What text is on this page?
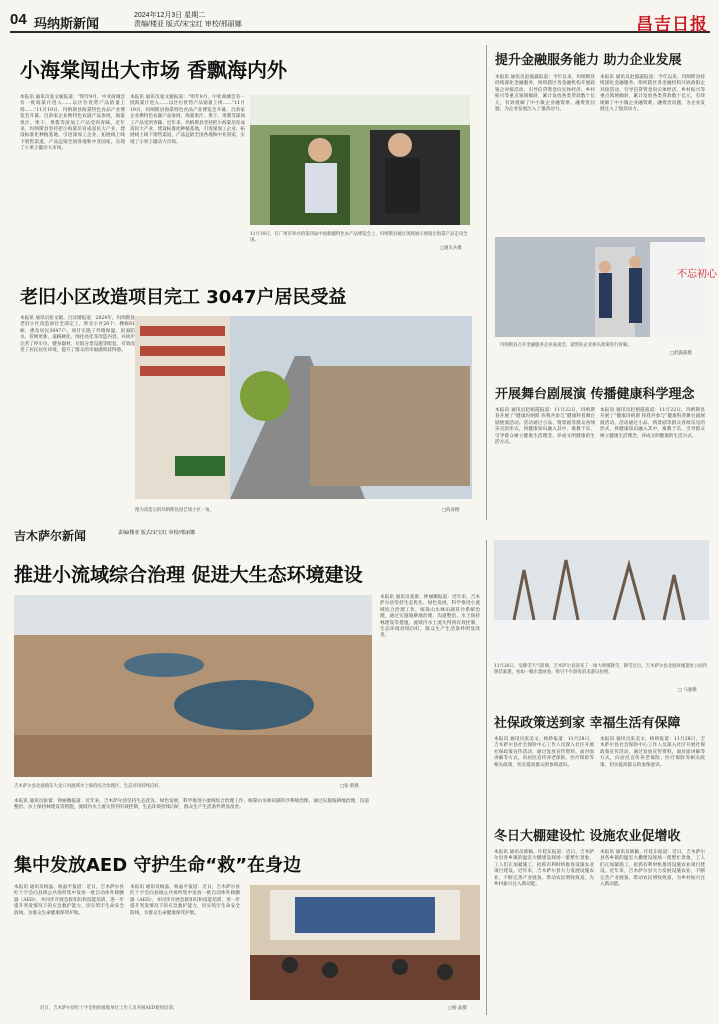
04 玛纳斯新闻
2024年12月3日 星期二
责编/楼亚 版式/宋宝红 审校/邢丽娜	昌吉日报
小海棠闯出大市场 香飘海内外
本报讯 通讯员张文媛报道：“明年9月，中亚商城会有一批海棠汁进入……以区位优势产品销量上扬……”11月19日，玛纳斯县海棠特色食品产业博览会开幕，百余家企业携特色农副产品参展，海棠果汁、果干、果酱等深加工产品受到青睐。近年来，玛纳斯县坚持把小海棠培育成富民大产业，建设标准化种植基地，引进深加工企业，拓展线上线下销售渠道，产品远销全国各地和中亚国家，实现了小果子撬动大市场。
本报讯 通讯员张文媛报道：“明年9月，中亚商城会有一批海棠汁进入……以区位优势产品销量上扬……”11月19日，玛纳斯县海棠特色食品产业博览会开幕，百余家企业携特色农副产品参展，海棠果汁、果干、果酱等深加工产品受到青睐。近年来，玛纳斯县坚持把小海棠培育成富民大产业，建设标准化种植基地，引进深加工企业，拓展线上线下销售渠道，产品远销全国各地和中亚国家，实现了小果子撬动大市场。
11月19日，在广州市举办的第四届中国新疆特色农产品博览会上，玛纳斯县通过现场展示展销让海棠产品走向全国。
□谢友兵摄
老旧小区改造项目完工 3047户居民受益
本报讯 通讯员张文媛、吕汶婧报道：2024年，玛纳斯县老旧小区改造项目全部完工，涉及小区20个、楼栋61栋，惠及居民3047户。项目实施了外墙保温、屋面防水、管网更新、道路硬化、绿化亮化等改造内容，并同步完善了停车位、健身器材、垃圾分类设施等配套，有效改善了居民居住环境，提升了群众的幸福感和获得感。
图为改造后的玛纳斯县园艺场小区一角。	□海涛摄
提升金融服务能力 助力企业发展
本报讯 通讯员赵露露报道：今年以来，玛纳斯县持续深化金融服务，组织辖区各金融机构开展政银企对接活动，引导信贷资金向实体经济、乡村振兴等重点领域倾斜，累计发放各类贷款数十亿元，有效缓解了中小微企业融资难、融资贵问题，为企业发展注入了强劲动力。
本报讯 通讯员赵露露报道：今年以来，玛纳斯县持续深化金融服务，组织辖区各金融机构开展政银企对接活动，引导信贷资金向实体经济、乡村振兴等重点领域倾斜，累计发放各类贷款数十亿元，有效缓解了中小微企业融资难、融资贵问题，为企业发展注入了强劲动力。
不忘初心
玛纳斯县召开金融服务企业座谈会，就帮扶企业相关政策进行讲解。
□赵露露摄
开展舞台剧展演 传播健康科学理念
本报讯 通讯员赵娟霞报道：11月22日，玛纳斯县开展了“健康玛纳斯 你我共参与”健康科普舞台剧展演活动。活动通过小品、情景剧等群众喜闻乐见的形式，将健康知识融入其中，寓教于乐，引导群众树立健康生活理念，养成文明健康的生活方式。
本报讯 通讯员赵娟霞报道：11月22日，玛纳斯县开展了“健康玛纳斯 你我共参与”健康科普舞台剧展演活动。活动通过小品、情景剧等群众喜闻乐见的形式，将健康知识融入其中，寓教于乐，引导群众树立健康生活理念，养成文明健康的生活方式。
吉木萨尔新闻	责编/楼亚 版式/宋宝红 审校/邢丽娜
推进小流域综合治理 促进大生态环境建设
吉木萨尔县北庭镇东大龙口河流域水土保持综合治理区，生态环境持续向好。	□张 鹤摄
本报讯 通讯员张蕾、钟丽娜报道：近年来，吉木萨尔县坚持生态优先、绿色发展，科学推进小流域综合治理工作，统筹山水林田湖草沙系统治理，通过实施坡耕地治理、沟道整治、水土保持林建设等措施，流域内水土流失得到有效控制，生态环境持续向好，群众生产生活条件明显改善。
本报讯 通讯员张蕾、钟丽娜报道：近年来，吉木萨尔县坚持生态优先、绿色发展，科学推进小流域综合治理工作，统筹山水林田湖草沙系统治理，通过实施坡耕地治理、沟道整治、水土保持林建设等措施，流域内水土流失得到有效控制，生态环境持续向好，群众生产生活条件明显改善。
集中发放AED 守护生命“救”在身边
本报讯 通讯员杨晶、杨晶平报道：近日，吉木萨尔县红十字会向县域公共场所集中发放一批自动体外除颤器（AED），并同步开展急救知识和技能培训，进一步提升突发情况下的应急救护能力，切实筑牢生命安全防线，为群众生命健康保驾护航。
本报讯 通讯员杨晶、杨晶平报道：近日，吉木萨尔县红十字会向县域公共场所集中发放一批自动体外除颤器（AED），并同步开展急救知识和技能培训，进一步提升突发情况下的应急救护能力，切实筑牢生命安全防线，为群众生命健康保驾护航。
近日，吉木萨尔县红十字会组织接收单位工作人员开展AED使用培训。	□杨 晶摄
11月26日，受降雪天气影响，吉木萨尔县迎来了一场大规模降雪，降雪过后，吉木萨尔县北庭故城遗址公园内银装素裹，宛如一幅水墨画卷，吸引不少游客前来游玩拍照。
□ 马强摄
社保政策送到家 幸福生活有保障
本报讯 通讯员张美文、杨娇报道：11月28日，吉木萨尔县社会保险中心工作人员深入社区开展社保政策宣传活动，通过发放宣传资料、面对面讲解等方式，向居民宣传养老保险、医疗保险等相关政策，切实提高群众的参保意识。
本报讯 通讯员张美文、杨娇报道：11月28日，吉木萨尔县社会保险中心工作人员深入社区开展社保政策宣传活动，通过发放宣传资料、面对面讲解等方式，向居民宣传养老保险、医疗保险等相关政策，切实提高群众的参保意识。
冬日大棚建设忙 设施农业促增收
本报讯 通讯员韩颖、许桂东报道：近日，吉木萨尔县各乡镇的温室大棚建设现场一派繁忙景象，工人们正加紧施工，抢抓有利时机推进设施农业项目建设。近年来，吉木萨尔县大力发展设施农业，不断完善产业链条，带动农民增收致富，为乡村振兴注入新动能。
本报讯 通讯员韩颖、许桂东报道：近日，吉木萨尔县各乡镇的温室大棚建设现场一派繁忙景象，工人们正加紧施工，抢抓有利时机推进设施农业项目建设。近年来，吉木萨尔县大力发展设施农业，不断完善产业链条，带动农民增收致富，为乡村振兴注入新动能。
